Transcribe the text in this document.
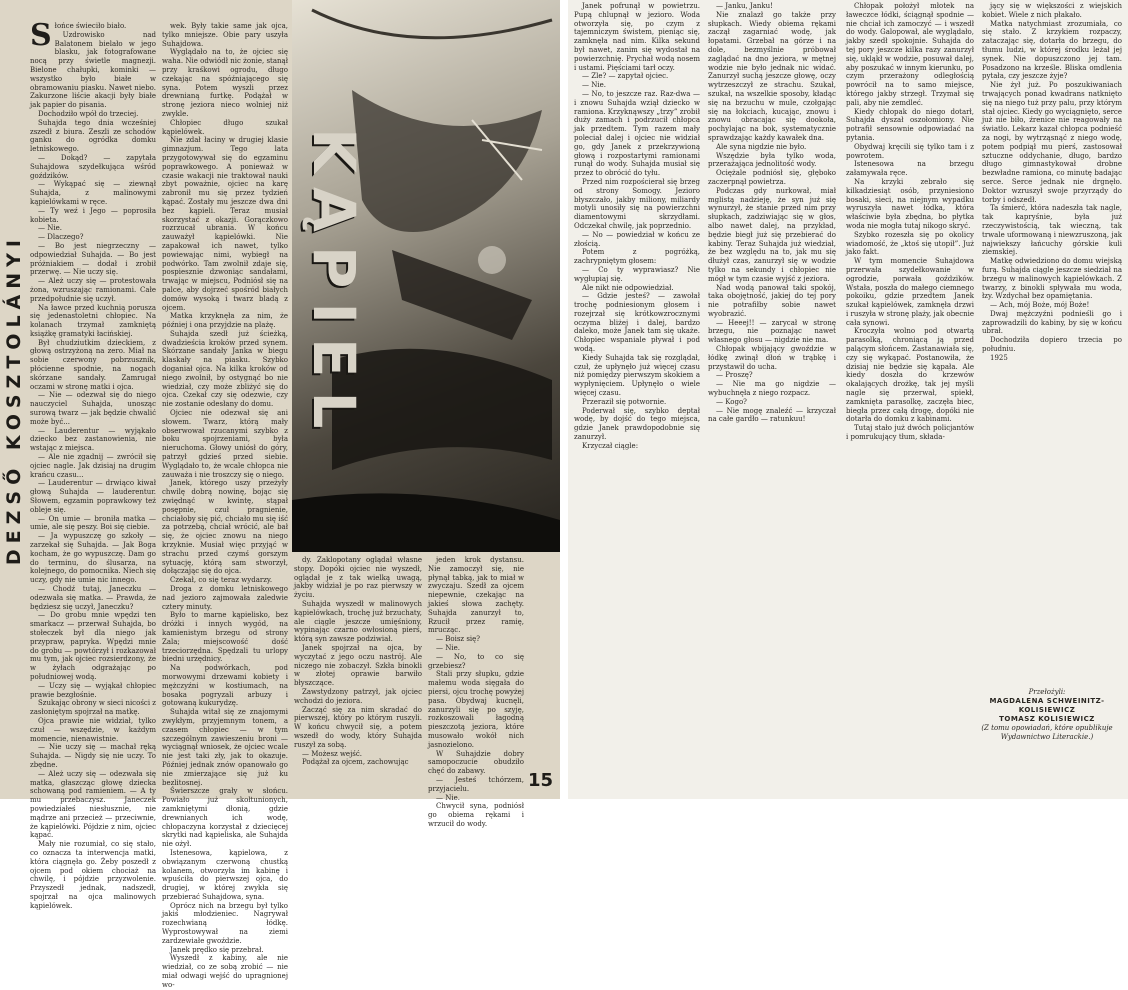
DEZSŐ KOSZTOLÁNYI

Słońce świeciło biało.

Uzdrowisko nad Balatonem bielało w jego blasku, jak fotografowane nocą przy świetle magnezji. Bielone chałupki, kominki — wszystko było białe w obramowaniu piasku. Nawet niebo. Zakurzone liście akacji były białe jak papier do pisania.

Dochodziło wpół do trzeciej.

Suhajda tego dnia wcześniej zszedł z biura. Zeszli ze schodów ganku do ogródka domku letniskowego.

— Dokąd? — zapytała Suhajdowa szydełkująca wśród goździków.

— Wykąpać się — ziewnął Suhajda, z malinowymi kąpielówkami w ręce.

— Ty weź i Jego — poprosiła kobieta.

— Nie.

— Dlaczego?

— Bo jest niegrzeczny — odpowiedział Suhajda. — Bo jest próżniakiem — dodał i zrobił przerwę. — Nie uczy się.

— Ależ uczy się — protestowała żona, wzruszając ramionami. Całe przedpołudnie się uczył.

Na ławce przed kuchnią porusza się jedenastoletni chłopiec. Na kolanach trzymał zamkniętą książkę gramatyki łacińskiej.

Był chudziutkim dzieckiem, z głową ostrzyżoną na zero. Miał na sobie czerwony pobrzusznik, płócienne spodnie, na nogach skórzane sandały. Zamrugał oczami w stronę matki i ojca.

— Nie — odezwał się do niego nauczyciel Suhajda, unosząc surową twarz — jak będzie chwalić może być...

— Lauderentur — wyjąkało dziecko bez zastanowienia, nie wstając z miejsca.

— Ale nie zgadnij — zwrócił się ojciec nagle. Jak dzisiaj na drugim krańcu czasu...

— Lauderentur — drwiąco kiwał głową Suhajda — lauderentur. Słowem, egzamin poprawkowy też obleje się.

— On umie — broniła matka — umie, ale się peszy. Boi się ciebie.

— Ja wypuszczę go szkoły — zarzekał się Suhajda. — Jak Boga kocham, że go wypuszczę. Dam go do terminu, do ślusarza, na kolejnego, do pomocnika. Niech się uczy, gdy nie umie nic innego.

— Chodź tutaj, Janeczku — odezwała się matka. — Prawda, że będziesz się uczył, Janeczku?

— Do grobu mnie wpędzi ten smarkacz — przerwał Suhajda, bo stołeczek był dla niego jak przypraw, papryka. Wpędzi mnie do grobu — powtórzył i rozkazował mu tym, jak ojciec rozsierdzony, że w żyłach odgrażając po południowej wodą.

— Uczy się — wyjąkał chłopiec prawie bezgłośnie.

Szukając obrony w sieci nicości z zasłoniętym spojrzał na matkę.

Ojca prawie nie widział, tylko czuł — wszędzie, w każdym momencie, nienawistnie.

— Nie uczy się — machał ręką Suhajda. — Nigdy się nie uczy. To zbędne.

— Ależ uczy się — odezwała się matka, głaszcząc głowę dziecka schowaną pod ramieniem. — A ty mu przebaczysz. Janeczek powiedziałeś niesłusznie, nie mądrze ani przecież — przeciwnie, że kąpielówki. Pójdzie z nim, ojciec kąpać.

Mały nie rozumiał, co się stało, co oznacza ta interwencja matki, która ciągnęła go. Żeby poszedł z ojcem pod okiem chociaż na chwilę, i pójdzie przyzwolenie. Przyszedł jednak, nadszedł, spojrzał na ojca malinowych kąpielówek.

wek. Były takie same jak ojca, tylko mniejsze. Obie pary uszyła Suhajdowa.

Wyglądało na to, że ojciec się waha. Nie odwiódł nic żonie, stanął przy kraśkowi ogrodu, długo czekając na spóźniającego się syna. Potem wyszli przez drewnianą furtkę. Podążał w stronę jeziora nieco wolniej niż zwykle.

Chłopiec długo szukał kąpielówek.

Nie zdał łaciny w drugiej klasie gimnazjum. Tego lata przygotowywał się do egzaminu poprawkowego. A ponieważ w czasie wakacji nie traktował nauki zbyt poważnie, ojciec na karę zabronił mu się przez tydzień kąpać. Zostały mu jeszcze dwa dni bez kąpieli. Teraz musiał skorzystać z okazji. Gorączkowo rozrzucał ubrania. W końcu zauważył kąpielówki. Nie zapakował ich nawet, tylko powiewając nimi, wybiegł na podwórko. Tam zwolnił zdaje się, pospiesznie dzwoniąc sandałami, trwając w miejscu, Podniósł się na palce, aby dojrzeć spośród białych domów wysoką i twarz bladą z ojcem.

Matka krzyknęła za nim, że później i ona przyjdzie na plażę.

Suhajda szedł już ścieżką, dwadzieścia kroków przed synem. Skórzane sandały Janka w biegu klaskały na piasku. Szybko doganiał ojca. Na kilka kroków od niego zwolnił, by ostygnąć bo nie wiedział, czy może zbliżyć się do ojca. Czekał czy się odezwie, czy nie zostanie odesłany do domu.

Ojciec nie odezwał się ani słowem. Twarz, którą mały obserwował rzucanymi szybko z boku spojrzeniami, była nieruchoma. Głowy uniósł do góry, patrzył gdzieś przed siebie. Wyglądało to, że wcale chłopca nie zauważa i nie troszczy się o niego.

Janek, którego uszy przeżyły chwilę dobrą nowinę, bojąc się zwiędnąć w kwintę, stąpał posępnie, czuł pragnienie, chciałoby się pić, chciało mu się iść za potrzebą, chciał wrócić, ale bał się, że ojciec znowu na niego krzyknie. Musiał więc przyjąć w strachu przed czymś gorszym sytuację, którą sam stworzył, dołączając się do ojca.

Czekał, co się teraz wydarzy.

Droga z domku letniskowego nad jezioro zajmowała zaledwie cztery minuty.

Było to marne kąpielisko, bez dróżki i innych wygód, na kamienistym brzegu od strony Zala; miejscowość dość trzeciorzędna. Spędzali tu urlopy biedni urzędnicy.

Na podwórkach, pod morwowymi drzewami kobiety i mężczyźni w kostiumach, na bosaka pogryzali arbuzy i gotowaną kukurydzę.

Suhajda witał się ze znajomymi zwykłym, przyjemnym tonem, a czasem chłopiec — w tym szczególnym zawieszeniu broni — wyciągnął wniosek, że ojciec wcale nie jest taki zły, jak to okazuje. Później jednak znów opanowało go nie zmierzające się już ku bezlitosnej.

Świerszcze grały w słońcu. Powiało już skołtunionych, zamkniętymi dłonią, gdzie drewnianych ich wodę, chłopaczyna korzystał z dziecięcej skrytki nad kąpieliska, ale Suhajda nie ożył.

Istenesowa, kąpielowa, z obwiązanym czerwoną chustką kolanem, otworzyła im kabinę i wpuściła do pierwszej ojca, do drugiej, w której zwykła się przebierać Suhajdowa, syna.

Oprócz nich na brzegu był tylko jakiś młodzieniec. Nagrywał rozechwianą łódkę. Wyprostowywał na ziemi zardzewiałe gwoździe.

Janek prędko się przebrał.

Wyszedł z kabiny, ale nie wiedział, co ze sobą zrobić — nie miał odwagi wejść do upragnionej wo-

KĄPIEL

dy. Zaklopotany oglądał własne stopy. Dopóki ojciec nie wyszedł, oglądał je z tak wielką uwagą, jakby widział je po raz pierwszy w życiu.

Suhajda wyszedł w malinowych kąpielówkach, trochę już brzuchaty, ale ciągle jeszcze umięśniony, wypinając czarno owłosioną pierś, którą syn zawsze podziwiał.

Janek spojrzał na ojca, by wyczytać z jego oczu nastrój. Ale niczego nie zobaczył. Szkła binokli w złotej oprawie barwiło błyszczące.

Zawstydzony patrzył, jak ojciec wchodzi do jeziora.

Zacząć się za nim skradać do pierwszej, który po którym ruszyli. W końcu chwycił się, a potem wszedł do wody, który Suhajda ruszył za sobą.

— Możesz wejść.

Podążał za ojcem, zachowując

jeden krok dystansu. Nie zamoczył się, nie płynął tabką, jak to miał w zwyczaju. Szedł za ojcem niepewnie, czekając na jakieś słowa zachęty. Suhajda zanurzył to, Rzucił przez ramię, mrucząc.

— Boisz się?

— Nie.

— No, to co się grzebiesz?

Stali przy słupku, gdzie małemu woda sięgała do piersi, ojcu trochę powyżej pasa. Obydwaj kucnęli, zanurzyli się po szyję, rozkoszowali łagodną pieszczotą jeziora, które musowało wokół nich jasnozielono.

W Suhajdzie dobry samopoczucie obudziło chęć do zabawy.

— Jesteś tchórzem, przyjacielu.

— Nie.

Chwycił syna, podniósł go obiema rękami i wrzucił do wody.

15

Janek pofrunął w powietrzu. Pupą chlupnął w jezioro. Woda otworzyła się, po czym z tajemniczym świstem, pieniąc się, zamknęła nad nim. Kilka sekund był nawet, zanim się wydostał na powierzchnię. Prychał wodą nosem i ustami. Pięściami tarł oczy.

— Zle? — zapytał ojciec.

— Nie.

— No, to jeszcze raz. Raz-dwa — i znowu Suhajda wziął dziecko w ramiona. Krzyknąwszy „trzy” zrobił duży zamach i podrzucił chłopca jak przedtem. Tym razem mały poleciał dalej i ojciec nie widział go, gdy Janek z przekrzywioną głową i rozpostartymi ramionami runął do wody. Suhajda musiał się przez to obrócić do tyłu.

Przed nim rozpościerał się brzeg od strony Somogy. Jezioro błyszczało, jakby miliony, miliardy motyli unosiły się na powierzchni diamentowymi skrzydłami. Odczekał chwilę, jak poprzednio.

— No — powiedział w końcu ze złością.

Potem z pogróżką, zachrypniętym głosem:

— Co ty wyprawiasz? Nie wygłupiaj się.

Ale nikt nie odpowiedział.

— Gdzie jesteś? — zawołał trochę podniesionym głosem i rozejrzał się krótkowzrocznymi oczyma bliżej i dalej, bardzo daleko, może Janek tam się ukaże. Chłopiec wspaniale pływał i pod wodą.

Kiedy Suhajda tak się rozglądał, czuł, że upłynęło już więcej czasu niż pomiędzy pierwszym skokiem a wypłynięciem. Upłynęło o wiele więcej czasu.

Przeraził się potwornie.

Poderwał się, szybko deptał wodę, by dojść do tego miejsca, gdzie Janek prawdopodobnie się zanurzył.

Krzyczał ciągle:

— Janku, Janku!

Nie znalazł go także przy słupkach. Wiedy obiema rękami zaczął zagarniać wodę, jak łopatami. Grzebał na górze i na dole, bezmyślnie próbował zaglądać na dno jeziora, w mętnej wodzie nie było jednak nic widać. Zanurzył suchą jeszcze głowę, oczy wytrzeszczył ze strachu. Szukał, szukał, na wszelkie sposoby, kładąc się na brzuchu w mule, czołgając się na łokciach, kucając, znowu i znowu obracając się dookoła, pochylając na bok, systematycznie sprawdzając każdy kawałek dna.

Ale syna nigdzie nie było.

Wszędzie była tylko woda, przerażająca jednolitość wody.

Ociężale podniósł się, głęboko zaczerpnął powietrza.

Podczas gdy nurkował, miał mglistą nadzieję, że syn już się wynurzył, że stanie przed nim przy słupkach, zadziwiając się w głos, albo nawet dalej, na przykład, będzie biegł już się przebierać do kabiny. Teraz Suhajda już wiedział, że bez względu na to, jak mu się dłużył czas, zanurzył się w wodzie tylko na sekundy i chłopiec nie mógł w tym czasie wyjść z jeziora.

Nad wodą panował taki spokój, taka obojętność, jakiej do tej pory nie potrafiłby sobie nawet wyobrazić.

— Heeej!! — zarycał w stronę brzegu, nie poznając nawet własnego głosu — nigdzie nie ma.

Chłopak wbijający gwoździe w łódkę zwinął dłoń w trąbkę i przystawił do ucha.

— Proszę?

— Nie ma go nigdzie — wybuchnęła z niego rozpacz.

— Kogo?

— Nie mogę znaleźć — krzyczał na całe gardło — ratunkuu!

Chłopak położył młotek na ławeczce łódki, ściągnął spodnie — nie chciał ich zamoczyć — i wszedł do wody. Galopował, ale wyglądało, jakby szedł spokojnie. Suhajda do tej pory jeszcze kilka razy zanurzył się, ukląkł w wodzie, posuwał dalej, aby poszukać w innym kierunku, po czym przerażony odległością powrócił na to samo miejsce, którego jakby strzegł. Trzymał się pali, aby nie zemdleć.

Kiedy chłopak do niego dotarł, Suhajda dyszał oszołomiony. Nie potrafił sensownie odpowiadać na pytania.

Obydwaj kręcili się tylko tam i z powrotem.

Istenesowa na brzegu załamywała ręce.

Na krzyki zebrało się kilkadziesiąt osób, przyniesiono bosaki, sieci, na niejnym wypadku wyruszyła nawet łódka, która właściwie była zbędna, bo płytka woda nie mogła tutaj nikogo skryć.

Szybko rozeszła się po okolicy wiadomość, że „ktoś się utopił”. Już jako fakt.

W tym momencie Suhajdowa przerwała szydełkowanie w ogrodzie, porwała goździków. Wstała, poszła do małego ciemnego pokoiku, gdzie przedtem Janek szukał kąpielówek, zamknęła drzwi i ruszyła w stronę plaży, jak obecnie cała synowi.

Kroczyła wolno pod otwartą parasolką, chroniącą ją przed palącym słońcem. Zastanawiała się, czy się wykąpać. Postanowiła, że dzisiaj nie będzie się kąpała. Ale kiedy doszła do krzewów okalających drożkę, tak jej myśli nagle się przerwał, spiekł, zamknięta parasolkę, zaczęła biec, biegła przez całą drogę, dopóki nie dotarła do domku z kabinami.

Tutaj stało już dwóch policjantów i pomrukujący tłum, składa-

jący się w większości z wiejskich kobiet. Wiele z nich płakało.

Matka natychmiast zrozumiała, co się stało. Z krzykiem rozpaczy, zataczając się, dotarła do brzegu, do tłumu ludzi, w której środku leżał jej synek. Nie dopuszczono jej tam. Posadzono na krześle. Bliska omdlenia pytała, czy jeszcze żyje?

Nie żył już. Po poszukiwaniach trwających ponad kwadrans natknięto się na niego tuż przy palu, przy którym stał ojciec. Kiedy go wyciągnięto, serce już nie biło, źrenice nie reagowały na światło. Lekarz kazał chłopca podnieść za nogi, by wytrząsnąć z niego wodę, potem podpiął mu pierś, zastosował sztuczne oddychanie, długo, bardzo długo gimnastykował drobne bezwładne ramiona, co minutę badając serce. Serce jednak nie drgnęło. Doktor wzruszył swoje przyrządy do torby i odszedł.

Ta śmierć, która nadeszła tak nagle, tak kapryśnie, była już rzeczywistością, tak wieczną, tak trwale uformowaną i niewzruszoną, jak najwiekszy łańcuchy górskie kuli ziemskiej.

Matkę odwiedziono do domu wiejską furą. Suhajda ciągle jeszcze siedział na brzegu w malinowych kąpielówkach. Z twarzy, z binokli spływała mu woda, łzy. Wzdychał bez opamiętania.

— Ach, mój Boże, mój Boże!

Dwaj mężczyźni podnieśli go i zaprowadzili do kabiny, by się w końcu ubrał.

Dochodziła dopiero trzecia po południu.

1925

Przełożyli:
MAGDALENA SCHWEINITZ-KOLISIEWICZ
TOMASZ KOLISIEWICZ
(Z tomu opowiadań, które opublikuje Wydawnictwo Literackie.)
